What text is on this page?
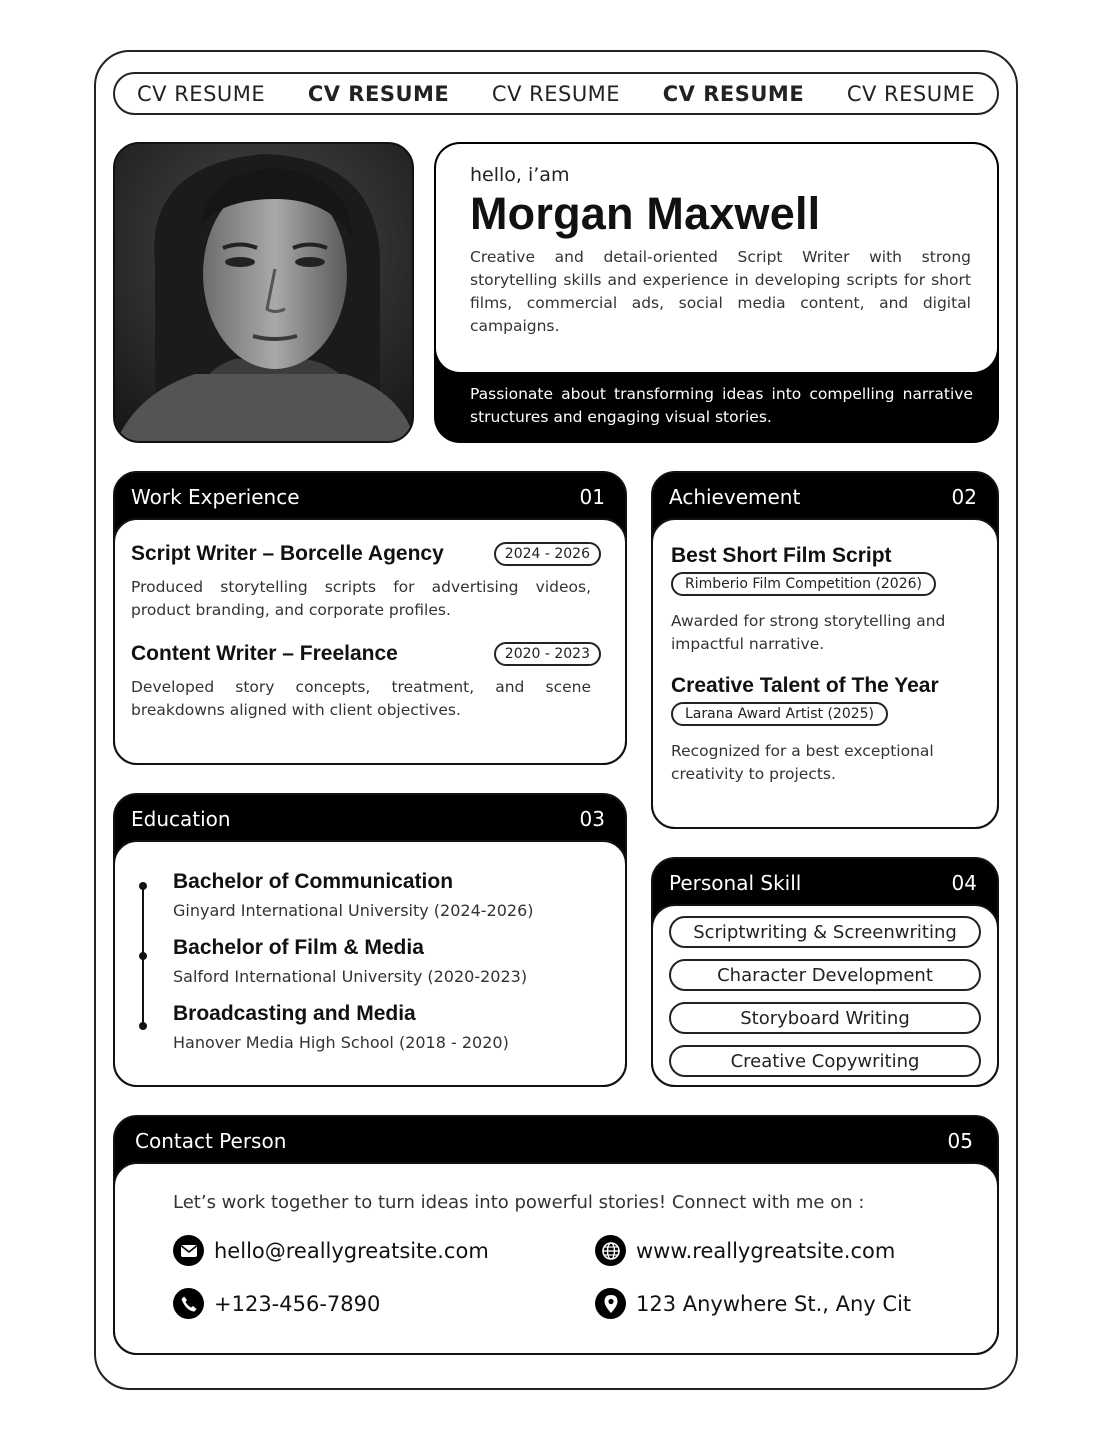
CV RESUME CV RESUME CV RESUME CV RESUME CV RESUME
hello, i’am
Morgan Maxwell
Creative and detail-oriented Script Writer with strong storytelling skills and experience in developing scripts for short films, commercial ads, social media content, and digital campaigns.
Passionate about transforming ideas into compelling narrative structures and engaging visual stories.
Work Experience	01
Script Writer – Borcelle Agency	2024 - 2026
Produced storytelling scripts for advertising videos, product branding, and corporate profiles.
Content Writer – Freelance	2020 - 2023
Developed story concepts, treatment, and scene breakdowns aligned with client objectives.
Achievement	02
Best Short Film Script
Rimberio Film Competition (2026)
Awarded for strong storytelling and impactful narrative.
Creative Talent of The Year
Larana Award Artist (2025)
Recognized for a best exceptional creativity to projects.
Education	03
Bachelor of Communication
Ginyard International University (2024-2026)
Bachelor of Film & Media
Salford International University (2020-2023)
Broadcasting and Media
Hanover Media High School (2018 - 2020)
Personal Skill	04
Scriptwriting & Screenwriting
Character Development
Storyboard Writing
Creative Copywriting
Contact Person	05
Let’s work together to turn ideas into powerful stories! Connect with me on :
hello@reallygreatsite.com	www.reallygreatsite.com
+123-456-7890	123 Anywhere St., Any Cit
